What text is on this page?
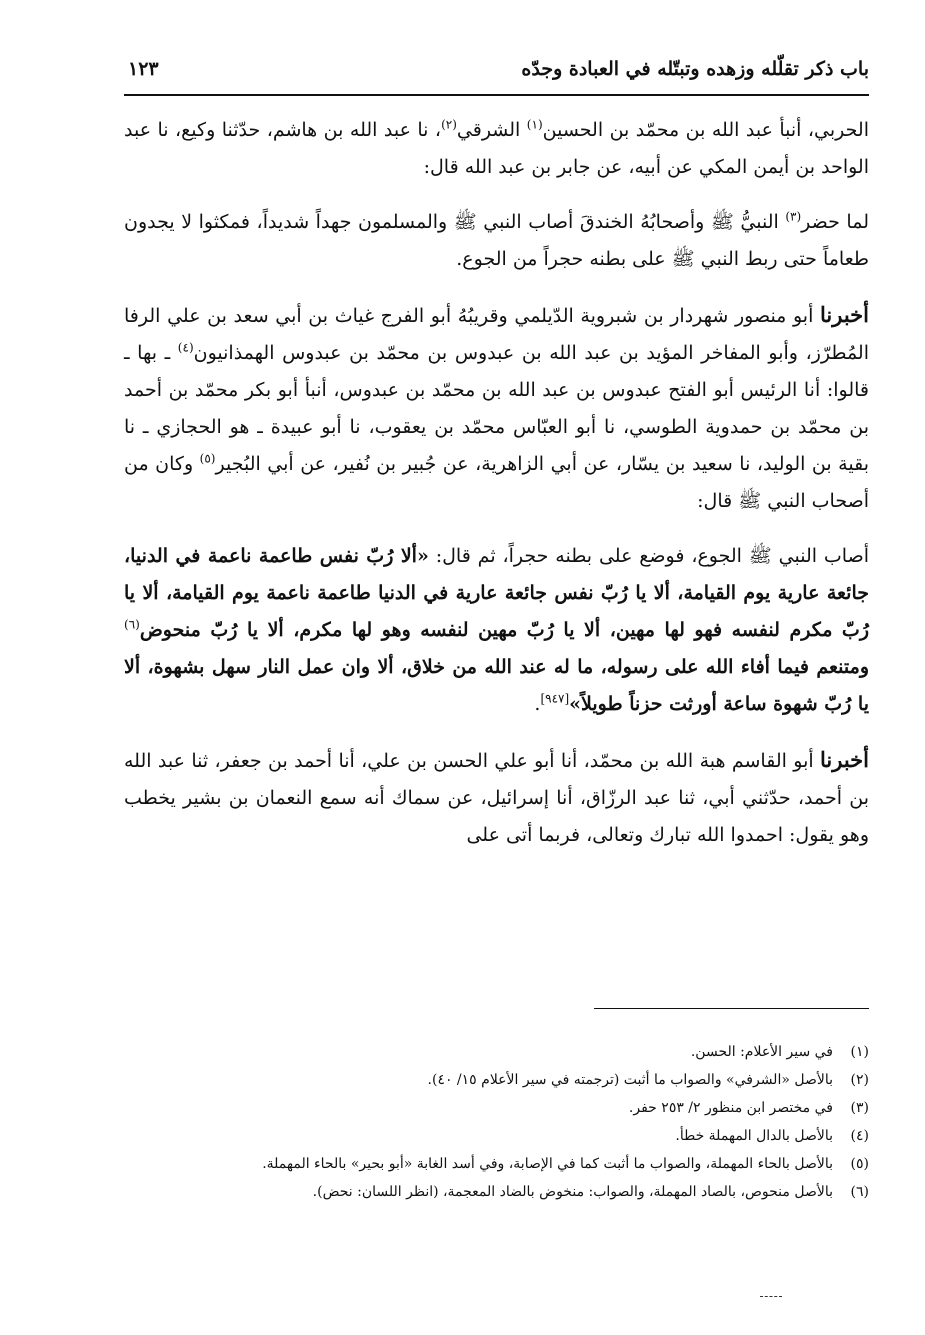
باب ذكر تقلّله وزهده وتبتّله في العبادة وجدّه
١٢٣

الحربي، أنبأ عبد الله بن محمّد بن الحسين$^{(١)}$ الشرقي$^{(٢)}$، نا عبد الله بن هاشم، حدّثنا وكيع، نا عبد الواحد بن أيمن المكي عن أبيه، عن جابر بن عبد الله قال:

لما حضر$^{(٣)}$ النبيُّ ﷺ وأصحابُهُ الخندقَ أصاب النبي ﷺ والمسلمون جهداً شديداً، فمكثوا لا يجدون طعاماً حتى ربط النبي ﷺ على بطنه حجراً من الجوع.

أخبرنا أبو منصور شهردار بن شبروية الدّيلمي وقريبُهُ أبو الفرج غياث بن أبي سعد بن علي الرفا المُطرّز، وأبو المفاخر المؤيد بن عبد الله بن عبدوس بن محمّد بن عبدوس الهمذانيون$^{(٤)}$ ـ بها ـ قالوا: أنا الرئيس أبو الفتح عبدوس بن عبد الله بن محمّد بن عبدوس، أنبأ أبو بكر محمّد بن أحمد بن محمّد بن حمدوية الطوسي، نا أبو العبّاس محمّد بن يعقوب، نا أبو عبيدة ـ هو الحجازي ـ نا بقية بن الوليد، نا سعيد بن يسّار، عن أبي الزاهرية، عن جُبير بن نُفير، عن أبي البُجير$^{(٥)}$ وكان من أصحاب النبي ﷺ قال:

أصاب النبي ﷺ الجوع، فوضع على بطنه حجراً، ثم قال: «ألا رُبّ نفس طاعمة ناعمة في الدنيا، جائعة عارية يوم القيامة، ألا يا رُبّ نفس جائعة عارية في الدنيا طاعمة ناعمة يوم القيامة، ألا يا رُبّ مكرم لنفسه فهو لها مهين، ألا يا رُبّ مهين لنفسه وهو لها مكرم، ألا يا رُبّ منحوض$^{(٦)}$ ومتنعم فيما أفاء الله على رسوله، ما له عند الله من خلاق، ألا وان عمل النار سهل بشهوة، ألا يا رُبّ شهوة ساعة أورثت حزناً طويلاً»[٩٤٧].

أخبرنا أبو القاسم هبة الله بن محمّد، أنا أبو علي الحسن بن علي، أنا أحمد بن جعفر، ثنا عبد الله بن أحمد، حدّثني أبي، ثنا عبد الرزّاق، أنا إسرائيل، عن سماك أنه سمع النعمان بن بشير يخطب وهو يقول: احمدوا الله تبارك وتعالى، فربما أتى على

(١)
في سير الأعلام: الحسن.
(٢)
بالأصل «الشرفي» والصواب ما أثبت (ترجمته في سير الأعلام ١٥/ ٤٠).
(٣)
في مختصر ابن منظور ٢/ ٢٥٣ حفر.
(٤)
بالأصل بالدال المهملة خطأ.
(٥)
بالأصل بالحاء المهملة، والصواب ما أثبت كما في الإصابة، وفي أسد الغابة «أبو بحير» بالحاء المهملة.
(٦)
بالأصل منحوص، بالصاد المهملة، والصواب: منخوض بالضاد المعجمة، (انظر اللسان: نحض).
